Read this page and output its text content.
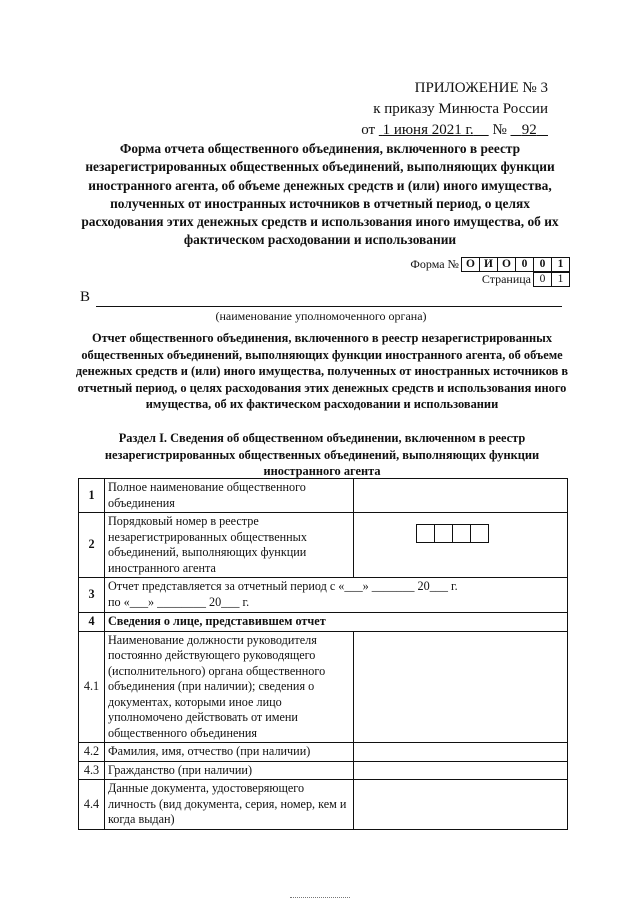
ПРИЛОЖЕНИЕ № 3
к приказу Минюста России
от 1 июня 2021 г. № 92
Форма отчета общественного объединения, включенного в реестр незарегистрированных общественных объединений, выполняющих функции иностранного агента, об объеме денежных средств и (или) иного имущества, полученных от иностранных источников в отчетный период, о целях расходования этих денежных средств и использования иного имущества, об их фактическом расходовании и использовании
Форма № О И О 0	0	1
Страница 0	1
В
(наименование уполномоченного органа)
Отчет общественного объединения, включенного в реестр незарегистрированных общественных объединений, выполняющих функции иностранного агента, об объеме денежных средств и (или) иного имущества, полученных от иностранных источников в отчетный период, о целях расходования этих денежных средств и использования иного имущества, об их фактическом расходовании и использовании
Раздел I. Сведения об общественном объединении, включенном в реестр незарегистрированных общественных объединений, выполняющих функции иностранного агента
1	Полное наименование общественного объединения	
2	Порядковый номер в реестре незарегистрированных общественных объединений, выполняющих функции иностранного агента	

3	Отчет представляется за отчетный период с «___» _______ 20___ г.
по «___» ________ 20___ г.	

4	Сведения о лице, представившем отчет	
4.1	Наименование должности руководителя постоянно действующего руководящего (исполнительного) органа общественного объединения (при наличии); сведения о документах, которыми иное лицо уполномочено действовать от имени общественного объединения	
4.2	Фамилия, имя, отчество (при наличии)	
4.3	Гражданство (при наличии)	
4.4	Данные документа, удостоверяющего личность (вид документа, серия, номер, кем и когда выдан)	
